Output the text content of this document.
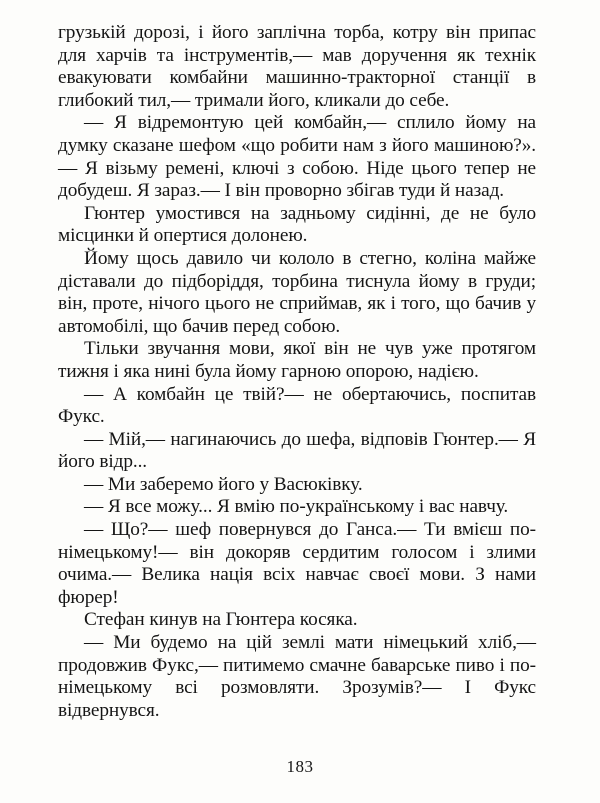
грузькій дорозі, і його заплічна торба, котру він припас для харчів та інструментів,— мав доручення як технік евакуювати комбайни машинно-тракторної станції в глибокий тил,— тримали його, кликали до себе.

— Я відремонтую цей комбайн,— сплило йому на думку сказане шефом «що робити нам з його машиною?».— Я візьму ремені, ключі з собою. Ніде цього тепер не добудеш. Я зараз.— І він проворно збігав туди й назад.

Гюнтер умостився на задньому сидінні, де не було місцинки й опертися долонею.

Йому щось давило чи кололо в стегно, коліна майже діставали до підборіддя, торбина тиснула йому в груди; він, проте, нічого цього не сприймав, як і того, що бачив у автомобілі, що бачив перед собою.

Тільки звучання мови, якої він не чув уже протягом тижня і яка нині була йому гарною опорою, надією.

— А комбайн це твій?— не обертаючись, поспитав Фукс.

— Мій,— нагинаючись до шефа, відповів Гюнтер.— Я його відр...

— Ми заберемо його у Васюківку.

— Я все можу... Я вмію по-українському і вас навчу.

— Що?— шеф повернувся до Ганса.— Ти вмієш по-німецькому!— він докоряв сердитим голосом і злими очима.— Велика нація всіх навчає своєї мови. З нами фюрер!

Стефан кинув на Гюнтера косяка.

— Ми будемо на цій землі мати німецький хліб,— продовжив Фукс,— питимемо смачне баварське пиво і по-німецькому всі розмовляти. Зрозумів?— І Фукс відвернувся.

183
